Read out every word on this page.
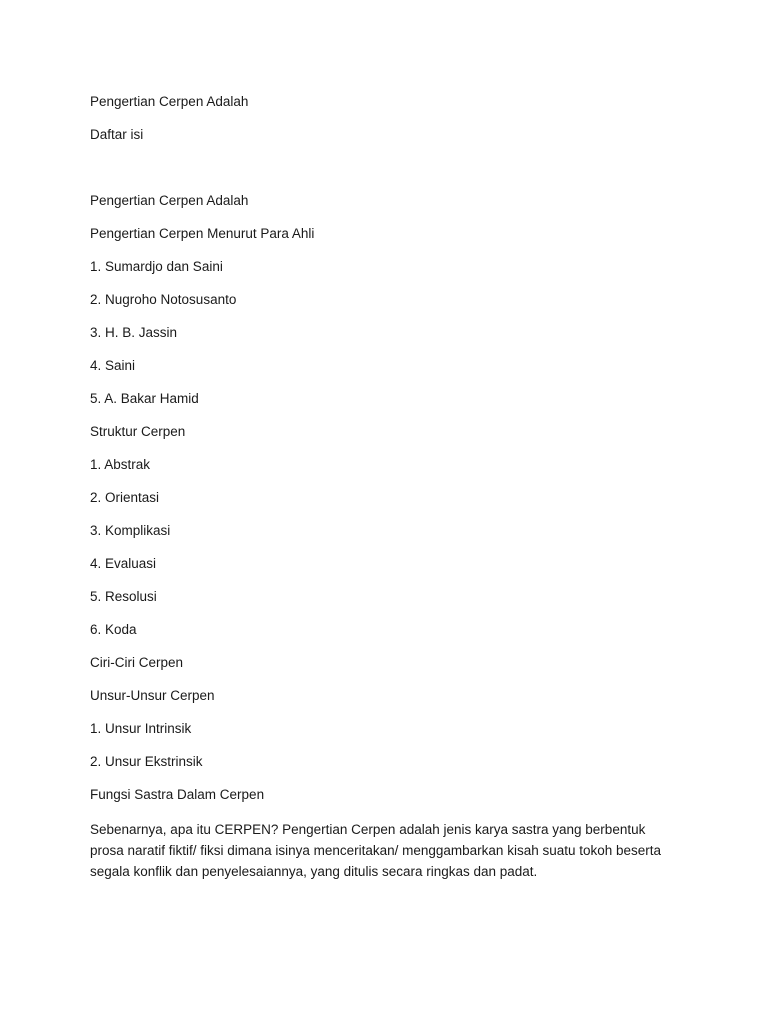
Pengertian Cerpen Adalah
Daftar isi
Pengertian Cerpen Adalah
Pengertian Cerpen Menurut Para Ahli
1. Sumardjo dan Saini
2. Nugroho Notosusanto
3. H. B. Jassin
4. Saini
5. A. Bakar Hamid
Struktur Cerpen
1. Abstrak
2. Orientasi
3. Komplikasi
4. Evaluasi
5. Resolusi
6. Koda
Ciri-Ciri Cerpen
Unsur-Unsur Cerpen
1. Unsur Intrinsik
2. Unsur Ekstrinsik
Fungsi Sastra Dalam Cerpen

Sebenarnya, apa itu CERPEN? Pengertian Cerpen adalah jenis karya sastra yang berbentuk prosa naratif fiktif/ fiksi dimana isinya menceritakan/ menggambarkan kisah suatu tokoh beserta segala konflik dan penyelesaiannya, yang ditulis secara ringkas dan padat.
